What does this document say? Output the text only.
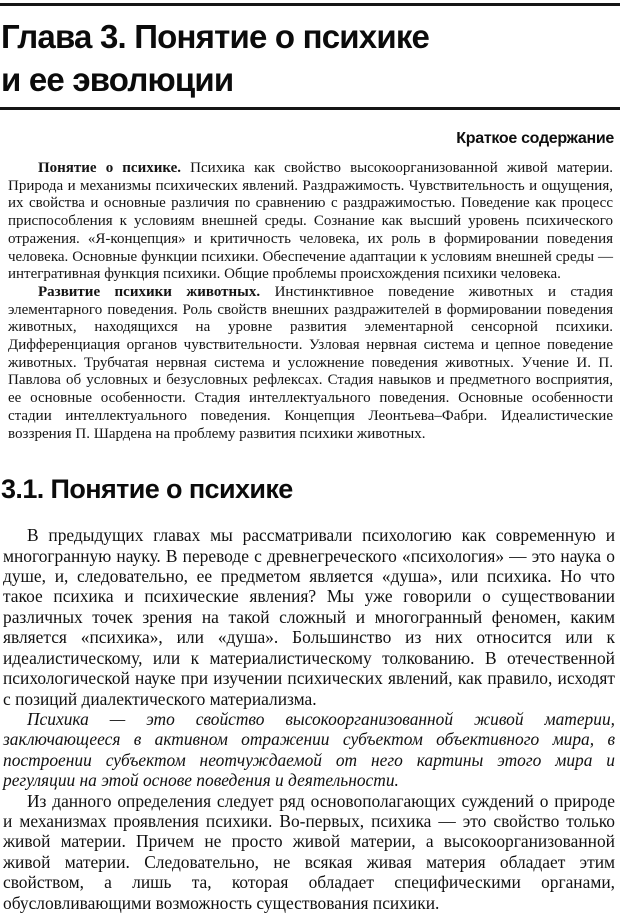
Глава 3. Понятие о психике
и ее эволюции
Краткое содержание

Понятие о психике. Психика как свойство высокоорганизованной живой материи. Природа и механизмы психических явлений. Раздражимость. Чувствительность и ощущения, их свойства и основные различия по сравнению с раздражимостью. Поведение как процесс приспособления к условиям внешней среды. Сознание как высший уровень психического отражения. «Я-концепция» и критичность человека, их роль в формировании поведения человека. Основные функции психики. Обеспечение адаптации к условиям внешней среды — интегративная функция психики. Общие проблемы происхождения психики человека.

Развитие психики животных. Инстинктивное поведение животных и стадия элементарного поведения. Роль свойств внешних раздражителей в формировании поведения животных, находящихся на уровне развития элементарной сенсорной психики. Дифференциация органов чувствительности. Узловая нервная система и цепное поведение животных. Трубчатая нервная система и усложнение поведения животных. Учение И. П. Павлова об условных и безусловных рефлексах. Стадия навыков и предметного восприятия, ее основные особенности. Стадия интеллектуального поведения. Основные особенности стадии интеллектуального поведения. Концепция Леонтьева–Фабри. Идеалистические воззрения П. Шардена на проблему развития психики животных.

3.1. Понятие о психике

В предыдущих главах мы рассматривали психологию как современную и многогранную науку. В переводе с древнегреческого «психология» — это наука о душе, и, следовательно, ее предметом является «душа», или психика. Но что такое психика и психические явления? Мы уже говорили о существовании различных точек зрения на такой сложный и многогранный феномен, каким является «психика», или «душа». Большинство из них относится или к идеалистическому, или к материалистическому толкованию. В отечественной психологической науке при изучении психических явлений, как правило, исходят с позиций диалектического материализма.

Психика — это свойство высокоорганизованной живой материи, заключающееся в активном отражении субъектом объективного мира, в построении субъектом неотчуждаемой от него картины этого мира и регуляции на этой основе поведения и деятельности.

Из данного определения следует ряд основополагающих суждений о природе и механизмах проявления психики. Во-первых, психика — это свойство только живой материи. Причем не просто живой материи, а высокоорганизованной живой материи. Следовательно, не всякая живая материя обладает этим свойством, а лишь та, которая обладает специфическими органами, обусловливающими возможность существования психики.
